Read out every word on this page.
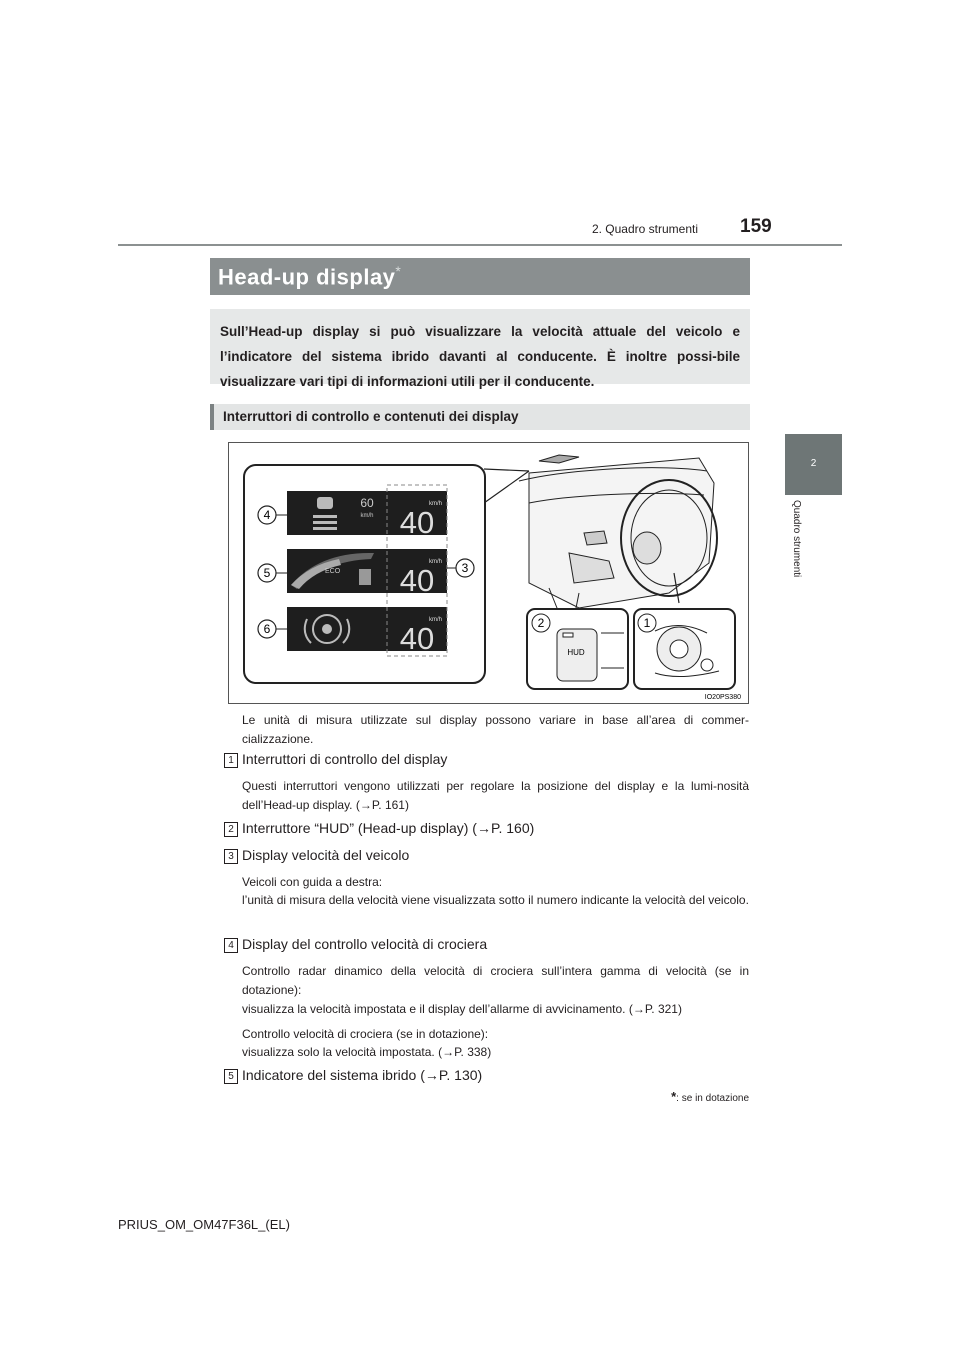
2. Quadro strumenti 159
2
Quadro strumenti
Head-up display*
Sull’Head-up display si può visualizzare la velocità attuale del veicolo e l’indicatore del sistema ibrido davanti al conducente. È inoltre possi-bile visualizzare vari tipi di informazioni utili per il conducente.
Interruttori di controllo e contenuti dei display
60
km/h
ECO
km/h
40
km/h
40
km/h
40
4
5
6
3
2
HUD
1
IO20PS380
Le unità di misura utilizzate sul display possono variare in base all’area di commer-cializzazione.
1 Interruttori di controllo del display
Questi interruttori vengono utilizzati per regolare la posizione del display e la lumi-nosità dell’Head-up display. (→P. 161)
2 Interruttore “HUD” (Head-up display) (→P. 160)
3 Display velocità del veicolo
Veicoli con guida a destra:
l’unità di misura della velocità viene visualizzata sotto il numero indicante la velocità del veicolo.
4 Display del controllo velocità di crociera
Controllo radar dinamico della velocità di crociera sull’intera gamma di velocità (se in dotazione):
visualizza la velocità impostata e il display dell’allarme di avvicinamento. (→P. 321)
Controllo velocità di crociera (se in dotazione):
visualizza solo la velocità impostata. (→P. 338)
5 Indicatore del sistema ibrido (→P. 130)
*: se in dotazione
PRIUS_OM_OM47F36L_(EL)
